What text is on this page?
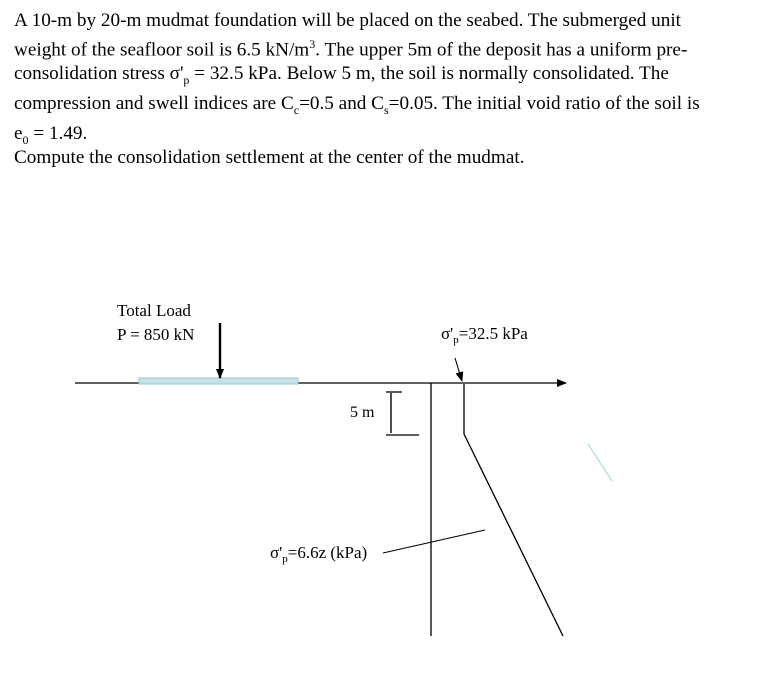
A 10-m by 20-m mudmat foundation will be placed on the seabed. The submerged unit

weight of the seafloor soil is 6.5 $kN/m^3$. The upper 5m of the deposit has a uniform pre-

consolidation stress $\sigma'_p = 32.5$ kPa. Below 5 m, the soil is normally consolidated. The

compression and swell indices are $C_c=0.5$ and $C_s=0.05$. The initial void ratio of the soil is

$e_0 = 1.49$.

Compute the consolidation settlement at the center of the mudmat.
Total Load
P = 850 kN
5 m
$\sigma'_p=32.5$ kPa
$\sigma'_p=6.6z$ (kPa)
